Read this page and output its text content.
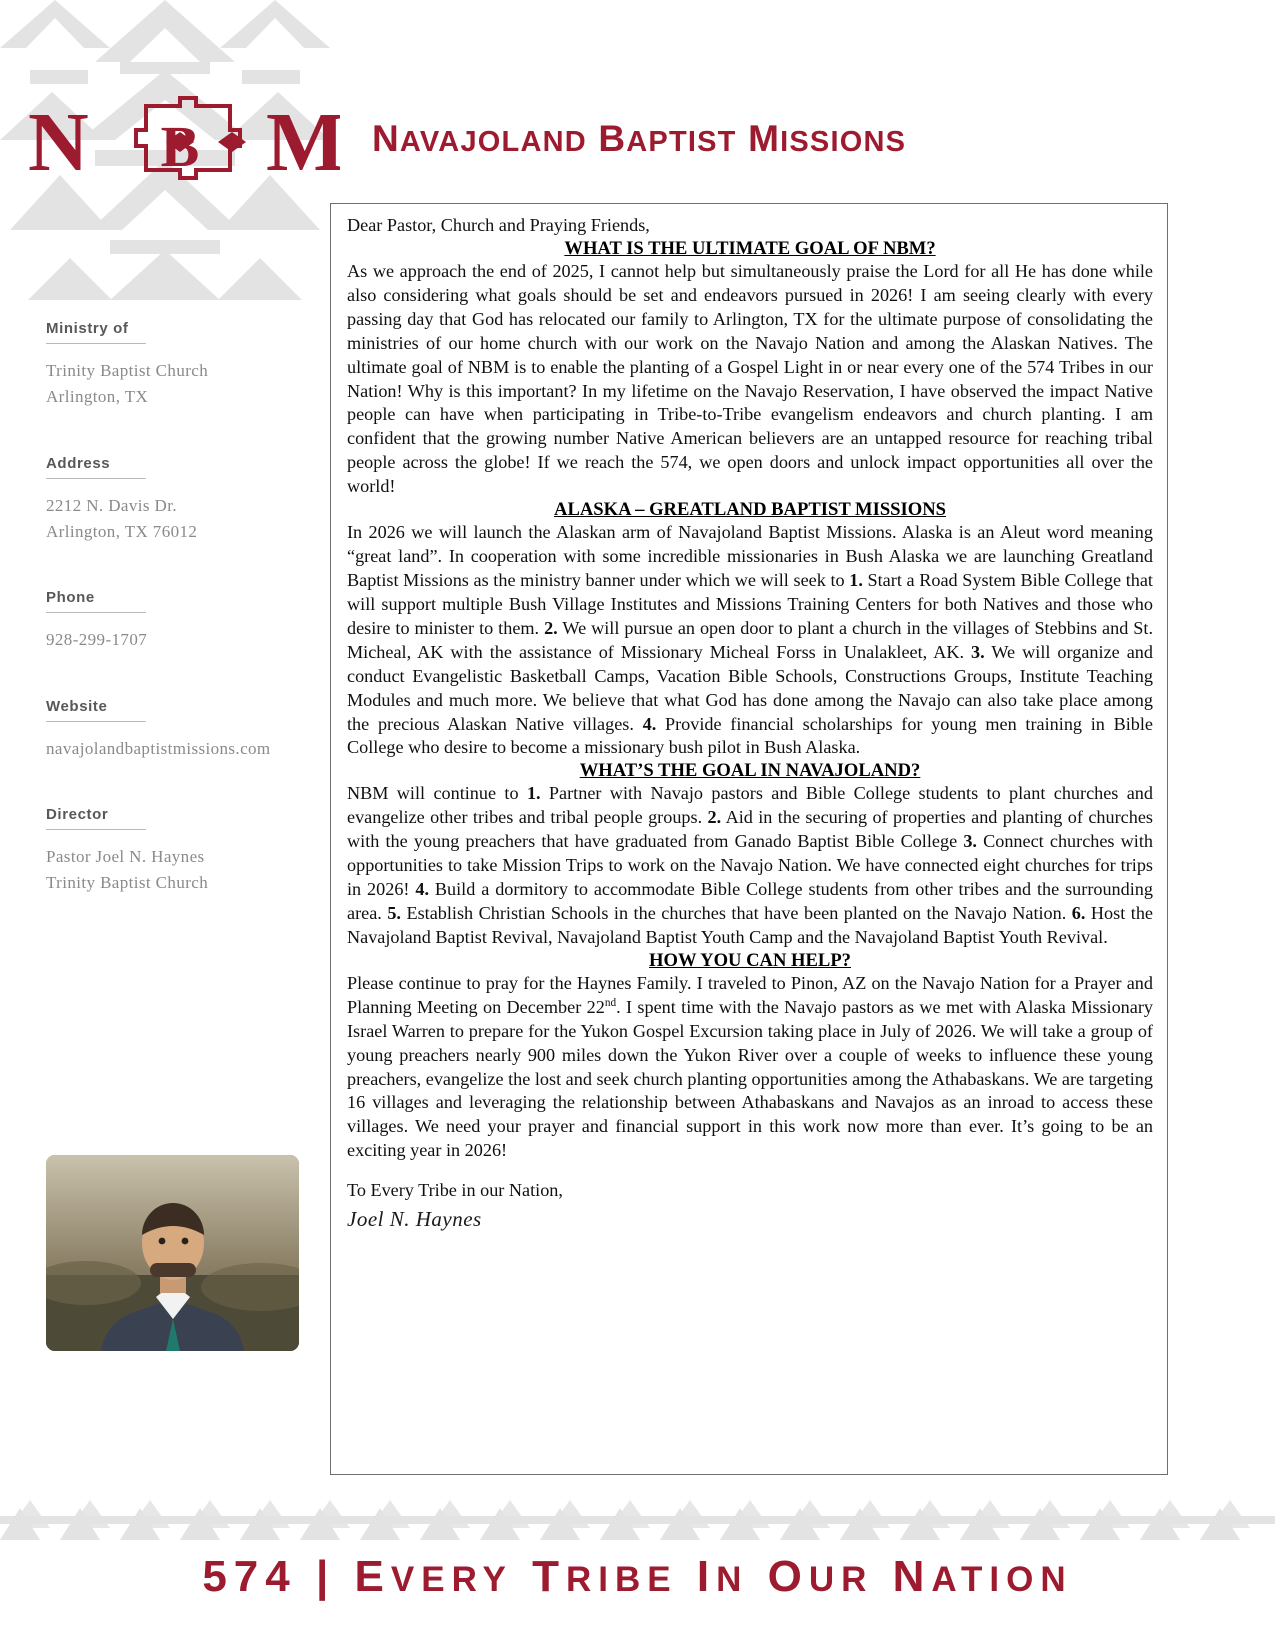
N B M NAVAJOLAND BAPTIST MISSIONS
Ministry of
Trinity Baptist Church
Arlington, TX
Address
2212 N. Davis Dr.
Arlington, TX 76012
Phone
928-299-1707
Website
navajolandbaptistmissions.com
Director
Pastor Joel N. Haynes
Trinity Baptist Church

Dear Pastor, Church and Praying Friends,

WHAT IS THE ULTIMATE GOAL OF NBM?

As we approach the end of 2025, I cannot help but simultaneously praise the Lord for all He has done while also considering what goals should be set and endeavors pursued in 2026! I am seeing clearly with every passing day that God has relocated our family to Arlington, TX for the ultimate purpose of consolidating the ministries of our home church with our work on the Navajo Nation and among the Alaskan Natives. The ultimate goal of NBM is to enable the planting of a Gospel Light in or near every one of the 574 Tribes in our Nation! Why is this important? In my lifetime on the Navajo Reservation, I have observed the impact Native people can have when participating in Tribe-to-Tribe evangelism endeavors and church planting. I am confident that the growing number Native American believers are an untapped resource for reaching tribal people across the globe! If we reach the 574, we open doors and unlock impact opportunities all over the world!

ALASKA – GREATLAND BAPTIST MISSIONS

In 2026 we will launch the Alaskan arm of Navajoland Baptist Missions. Alaska is an Aleut word meaning “great land”. In cooperation with some incredible missionaries in Bush Alaska we are launching Greatland Baptist Missions as the ministry banner under which we will seek to 1. Start a Road System Bible College that will support multiple Bush Village Institutes and Missions Training Centers for both Natives and those who desire to minister to them. 2. We will pursue an open door to plant a church in the villages of Stebbins and St. Micheal, AK with the assistance of Missionary Micheal Forss in Unalakleet, AK. 3. We will organize and conduct Evangelistic Basketball Camps, Vacation Bible Schools, Constructions Groups, Institute Teaching Modules and much more. We believe that what God has done among the Navajo can also take place among the precious Alaskan Native villages. 4. Provide financial scholarships for young men training in Bible College who desire to become a missionary bush pilot in Bush Alaska.

WHAT’S THE GOAL IN NAVAJOLAND?

NBM will continue to 1. Partner with Navajo pastors and Bible College students to plant churches and evangelize other tribes and tribal people groups. 2. Aid in the securing of properties and planting of churches with the young preachers that have graduated from Ganado Baptist Bible College 3. Connect churches with opportunities to take Mission Trips to work on the Navajo Nation. We have connected eight churches for trips in 2026! 4. Build a dormitory to accommodate Bible College students from other tribes and the surrounding area. 5. Establish Christian Schools in the churches that have been planted on the Navajo Nation. 6. Host the Navajoland Baptist Revival, Navajoland Baptist Youth Camp and the Navajoland Baptist Youth Revival.

HOW YOU CAN HELP?

Please continue to pray for the Haynes Family. I traveled to Pinon, AZ on the Navajo Nation for a Prayer and Planning Meeting on December 22nd. I spent time with the Navajo pastors as we met with Alaska Missionary Israel Warren to prepare for the Yukon Gospel Excursion taking place in July of 2026. We will take a group of young preachers nearly 900 miles down the Yukon River over a couple of weeks to influence these young preachers, evangelize the lost and seek church planting opportunities among the Athabaskans. We are targeting 16 villages and leveraging the relationship between Athabaskans and Navajos as an inroad to access these villages. We need your prayer and financial support in this work now more than ever. It’s going to be an exciting year in 2026!

To Every Tribe in our Nation,

Joel N. Haynes
574 | EVERY TRIBE IN OUR NATION
